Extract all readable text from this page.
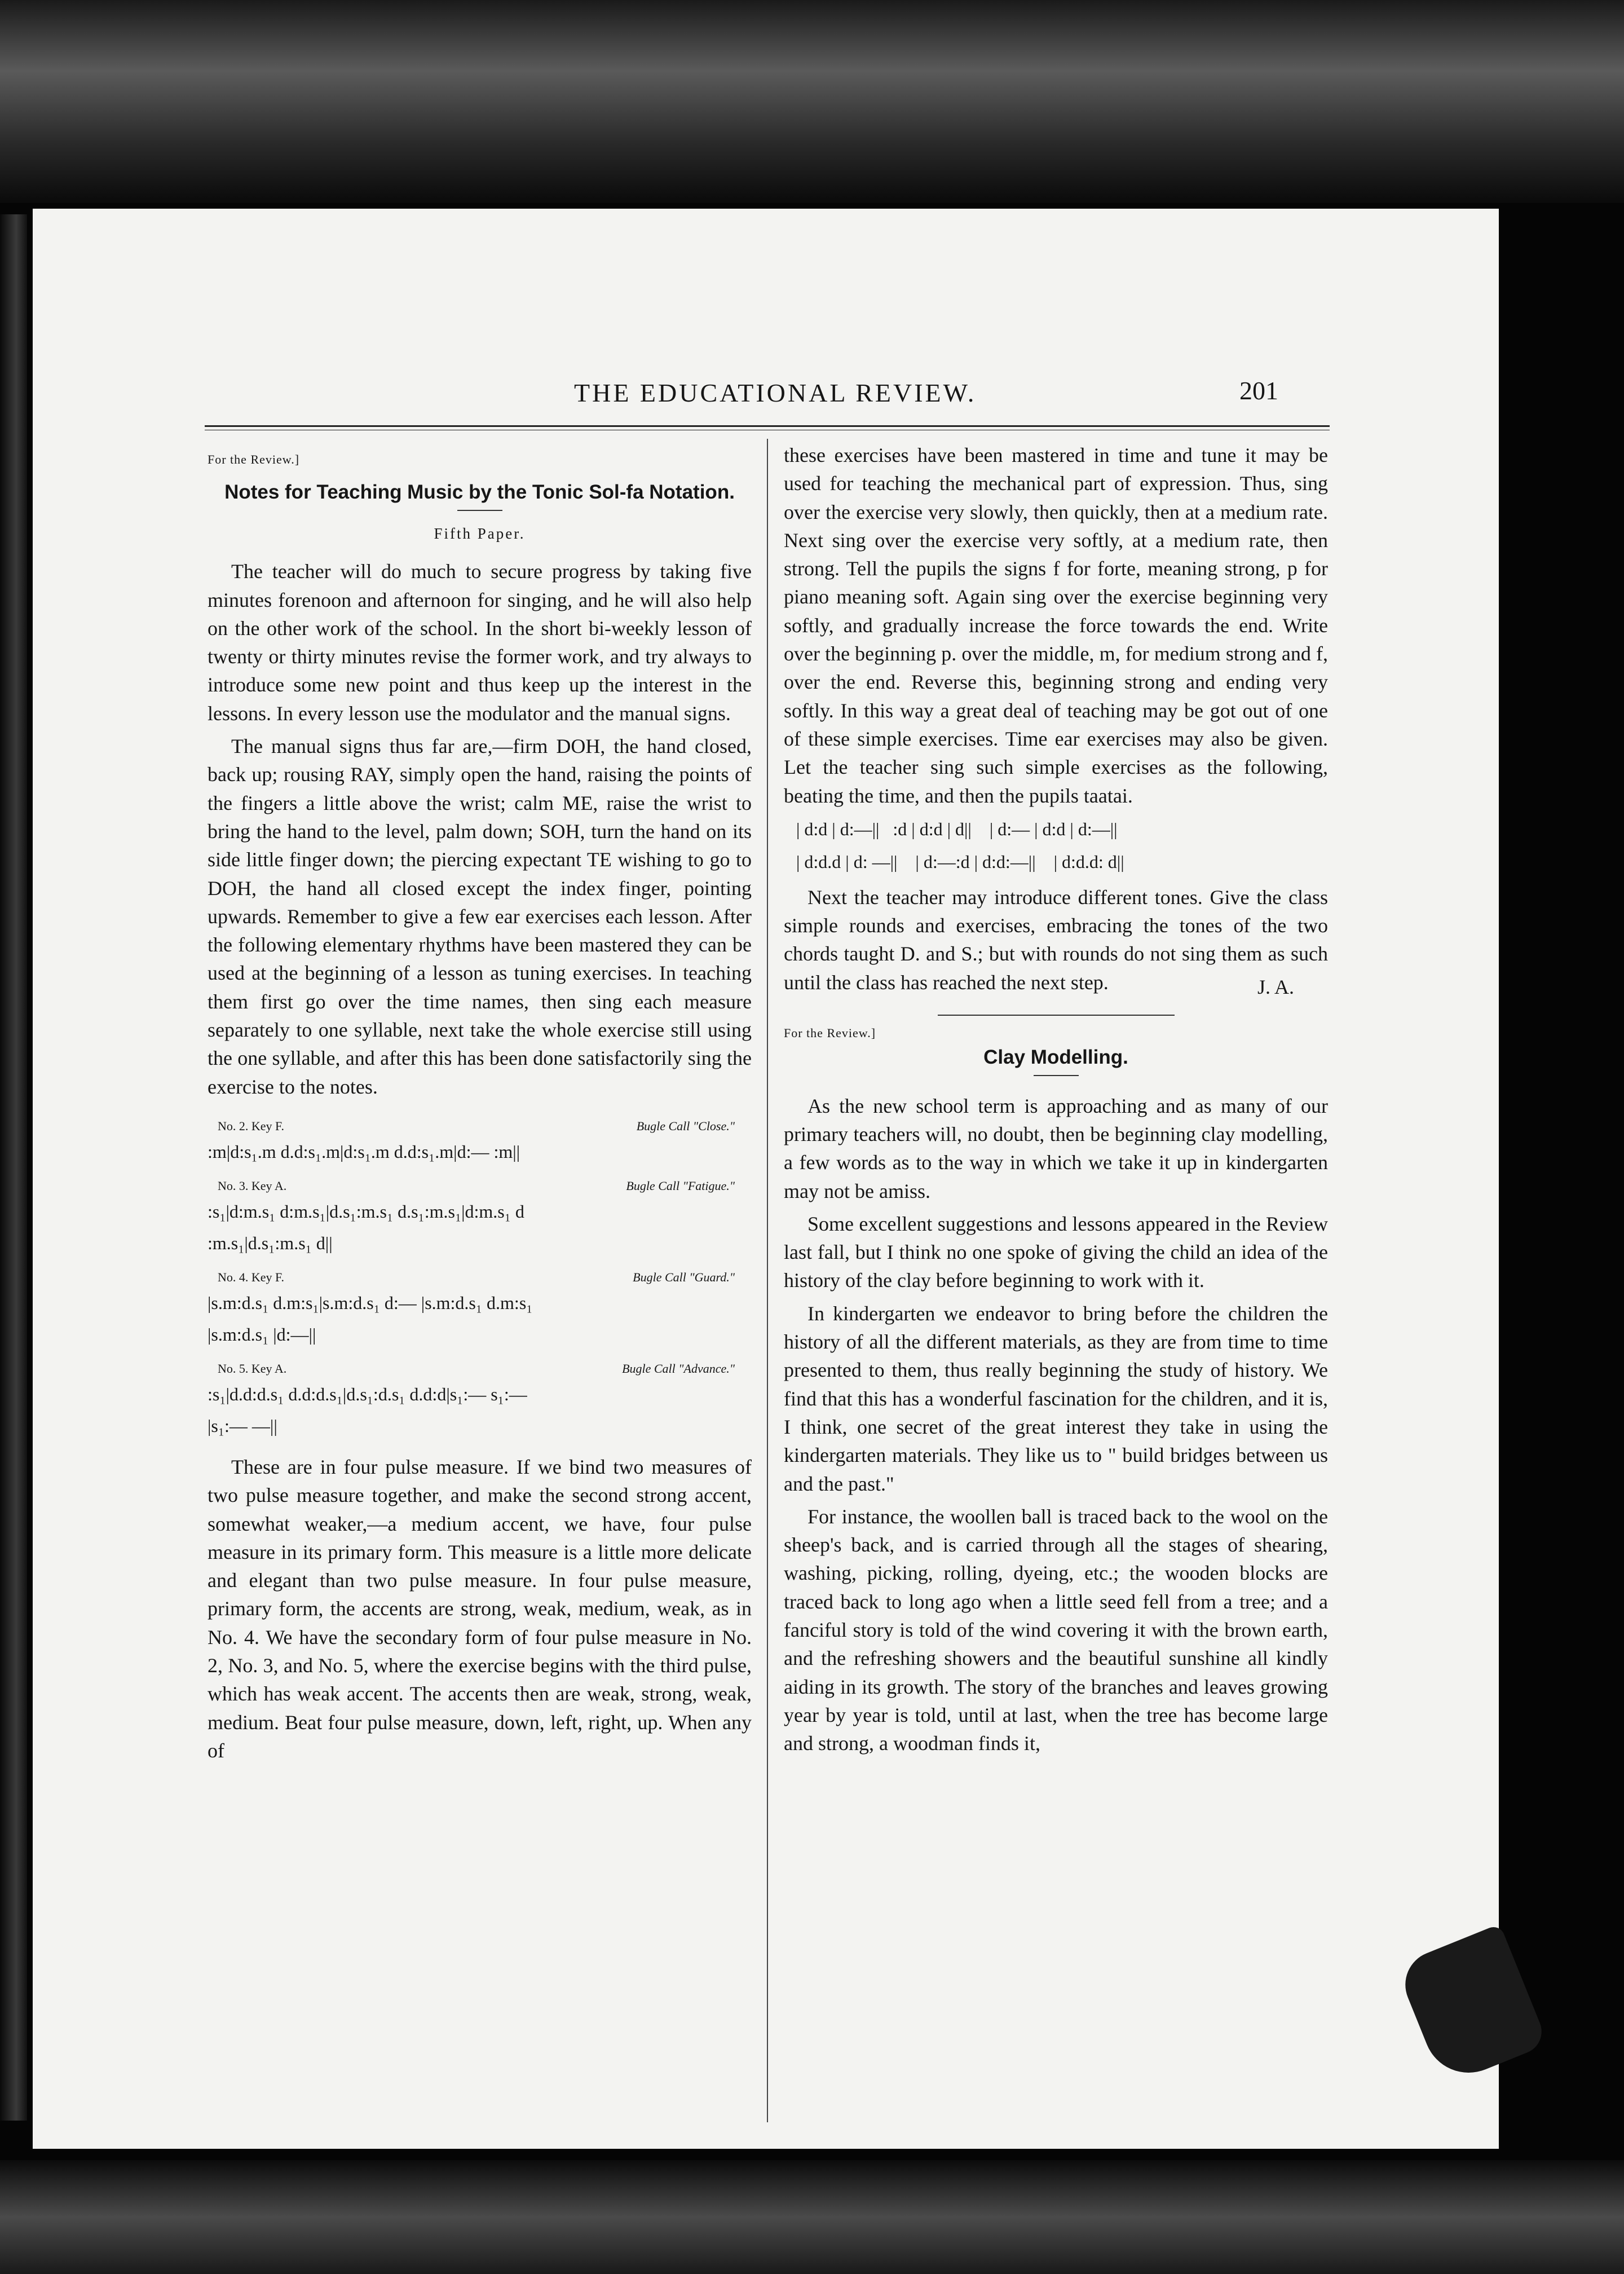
THE EDUCATIONAL REVIEW.	201

For the Review.]

Notes for Teaching Music by the Tonic Sol-fa Notation.
Fifth Paper.

The teacher will do much to secure progress by taking five minutes forenoon and afternoon for singing, and he will also help on the other work of the school. In the short bi-weekly lesson of twenty or thirty minutes revise the former work, and try always to introduce some new point and thus keep up the interest in the lessons. In every lesson use the modulator and the manual signs.

The manual signs thus far are,—firm DOH, the hand closed, back up; rousing RAY, simply open the hand, raising the points of the fingers a little above the wrist; calm ME, raise the wrist to bring the hand to the level, palm down; SOH, turn the hand on its side little finger down; the piercing expectant TE wishing to go to DOH, the hand all closed except the index finger, pointing upwards. Remember to give a few ear exercises each lesson. After the following elementary rhythms have been mastered they can be used at the beginning of a lesson as tuning exercises. In teaching them first go over the time names, then sing each measure separately to one syllable, next take the whole exercise still using the one syllable, and after this has been done satisfactorily sing the exercise to the notes.

No. 2. Key F.	Bugle Call "Close."
:m|d:s₁.m d.d:s₁.m|d:s₁.m d.d:s₁.m|d:— :m||
No. 3. Key A.	Bugle Call "Fatigue."
:s₁|d:m.s₁ d:m.s₁|d.s₁:m.s₁ d.s₁:m.s₁|d:m.s₁ d
:m.s₁|d.s₁:m.s₁ d||
No. 4. Key F.	Bugle Call "Guard."
|s.m:d.s₁ d.m:s₁|s.m:d.s₁ d:— |s.m:d.s₁ d.m:s₁
|s.m:d.s₁ |d:—||
No. 5. Key A.	Bugle Call "Advance."
:s₁|d.d:d.s₁ d.d:d.s₁|d.s₁:d.s₁ d.d:d|s₁:— s₁:—
|s₁:— —||

These are in four pulse measure. If we bind two measures of two pulse measure together, and make the second strong accent, somewhat weaker,—a medium accent, we have, four pulse measure in its primary form. This measure is a little more delicate and elegant than two pulse measure. In four pulse measure, primary form, the accents are strong, weak, medium, weak, as in No. 4. We have the secondary form of four pulse measure in No. 2, No. 3, and No. 5, where the exercise begins with the third pulse, which has weak accent. The accents then are weak, strong, weak, medium. Beat four pulse measure, down, left, right, up. When any of

these exercises have been mastered in time and tune it may be used for teaching the mechanical part of expression. Thus, sing over the exercise very slowly, then quickly, then at a medium rate. Next sing over the exercise very softly, at a medium rate, then strong. Tell the pupils the signs f for forte, meaning strong, p for piano meaning soft. Again sing over the exercise beginning very softly, and gradually increase the force towards the end. Write over the beginning p. over the middle, m, for medium strong and f, over the end. Reverse this, beginning strong and ending very softly. In this way a great deal of teaching may be got out of one of these simple exercises. Time ear exercises may also be given. Let the teacher sing such simple exercises as the following, beating the time, and then the pupils taatai.

| d:d | d:—||   :d | d:d | d||    | d:— | d:d | d:—||
| d:d.d | d: —||    | d:—:d | d:d:—||    | d:d.d: d||

Next the teacher may introduce different tones. Give the class simple rounds and exercises, embracing the tones of the two chords taught D. and S.; but with rounds do not sing them as such until the class has reached the next step.	J. A.

For the Review.]

Clay Modelling.

As the new school term is approaching and as many of our primary teachers will, no doubt, then be beginning clay modelling, a few words as to the way in which we take it up in kindergarten may not be amiss.

Some excellent suggestions and lessons appeared in the Review last fall, but I think no one spoke of giving the child an idea of the history of the clay before beginning to work with it.

In kindergarten we endeavor to bring before the children the history of all the different materials, as they are from time to time presented to them, thus really beginning the study of history. We find that this has a wonderful fascination for the children, and it is, I think, one secret of the great interest they take in using the kindergarten materials. They like us to " build bridges between us and the past."

For instance, the woollen ball is traced back to the wool on the sheep's back, and is carried through all the stages of shearing, washing, picking, rolling, dyeing, etc.; the wooden blocks are traced back to long ago when a little seed fell from a tree; and a fanciful story is told of the wind covering it with the brown earth, and the refreshing showers and the beautiful sunshine all kindly aiding in its growth. The story of the branches and leaves growing year by year is told, until at last, when the tree has become large and strong, a woodman finds it,
